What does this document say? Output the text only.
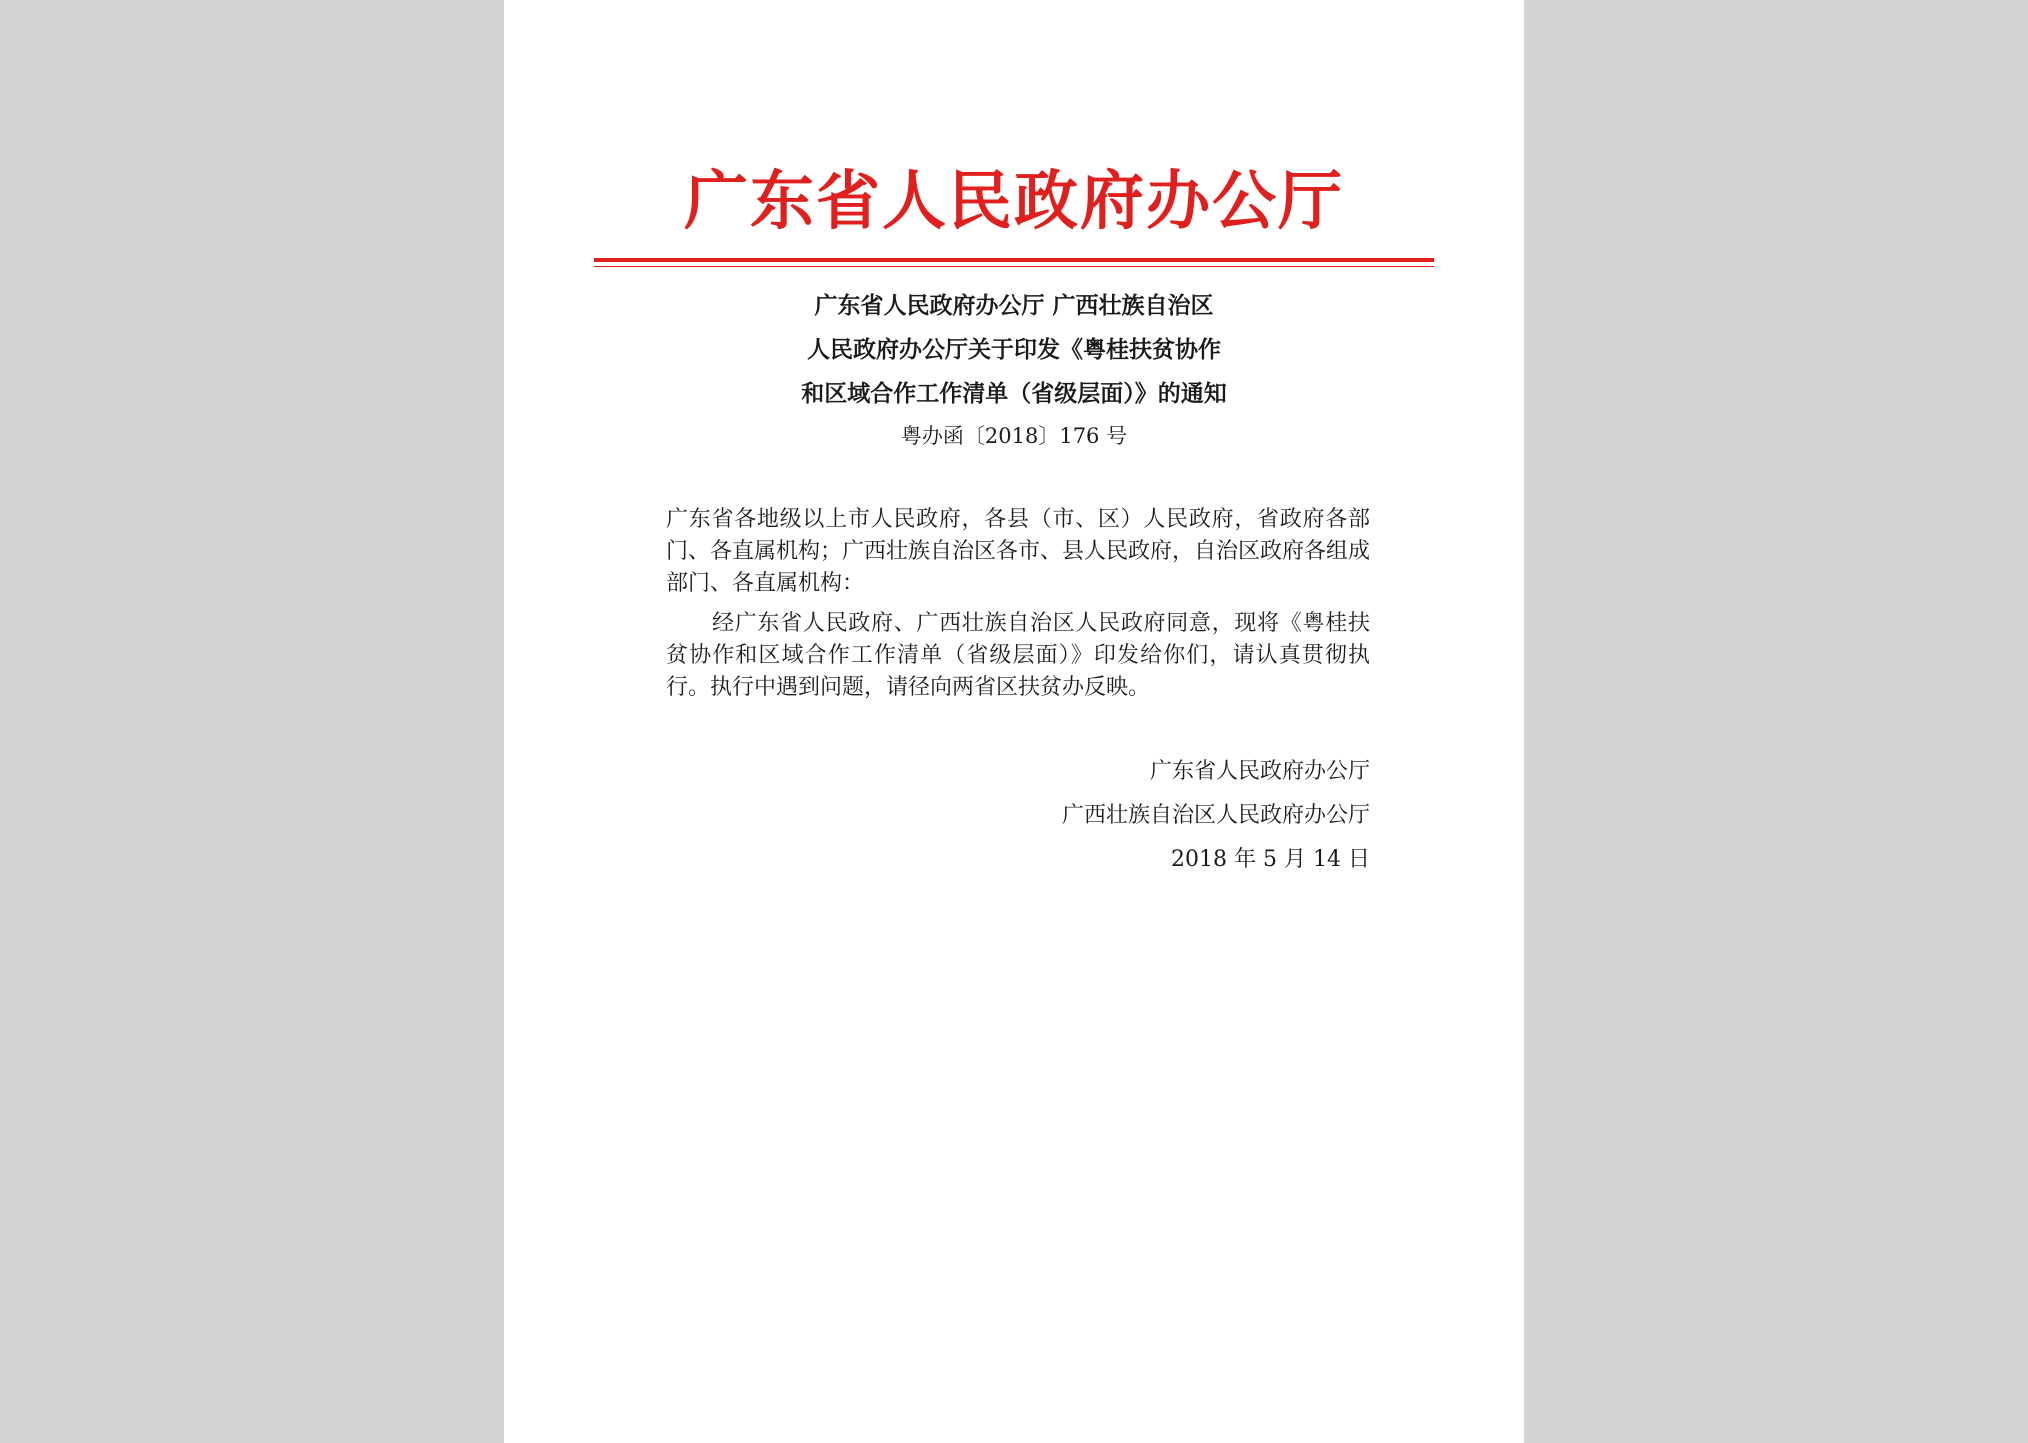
广东省人民政府办公厅
广东省人民政府办公厅 广西壮族自治区
人民政府办公厅关于印发《粤桂扶贫协作
和区域合作工作清单（省级层面）》的通知
粤办函〔2018〕176 号

广东省各地级以上市人民政府，各县（市、区）人民政府，省政府各部门、各直属机构；广西壮族自治区各市、县人民政府，自治区政府各组成部门、各直属机构：

经广东省人民政府、广西壮族自治区人民政府同意，现将《粤桂扶贫协作和区域合作工作清单（省级层面）》印发给你们，请认真贯彻执行。执行中遇到问题，请径向两省区扶贫办反映。

广东省人民政府办公厅
广西壮族自治区人民政府办公厅
2018 年 5 月 14 日
